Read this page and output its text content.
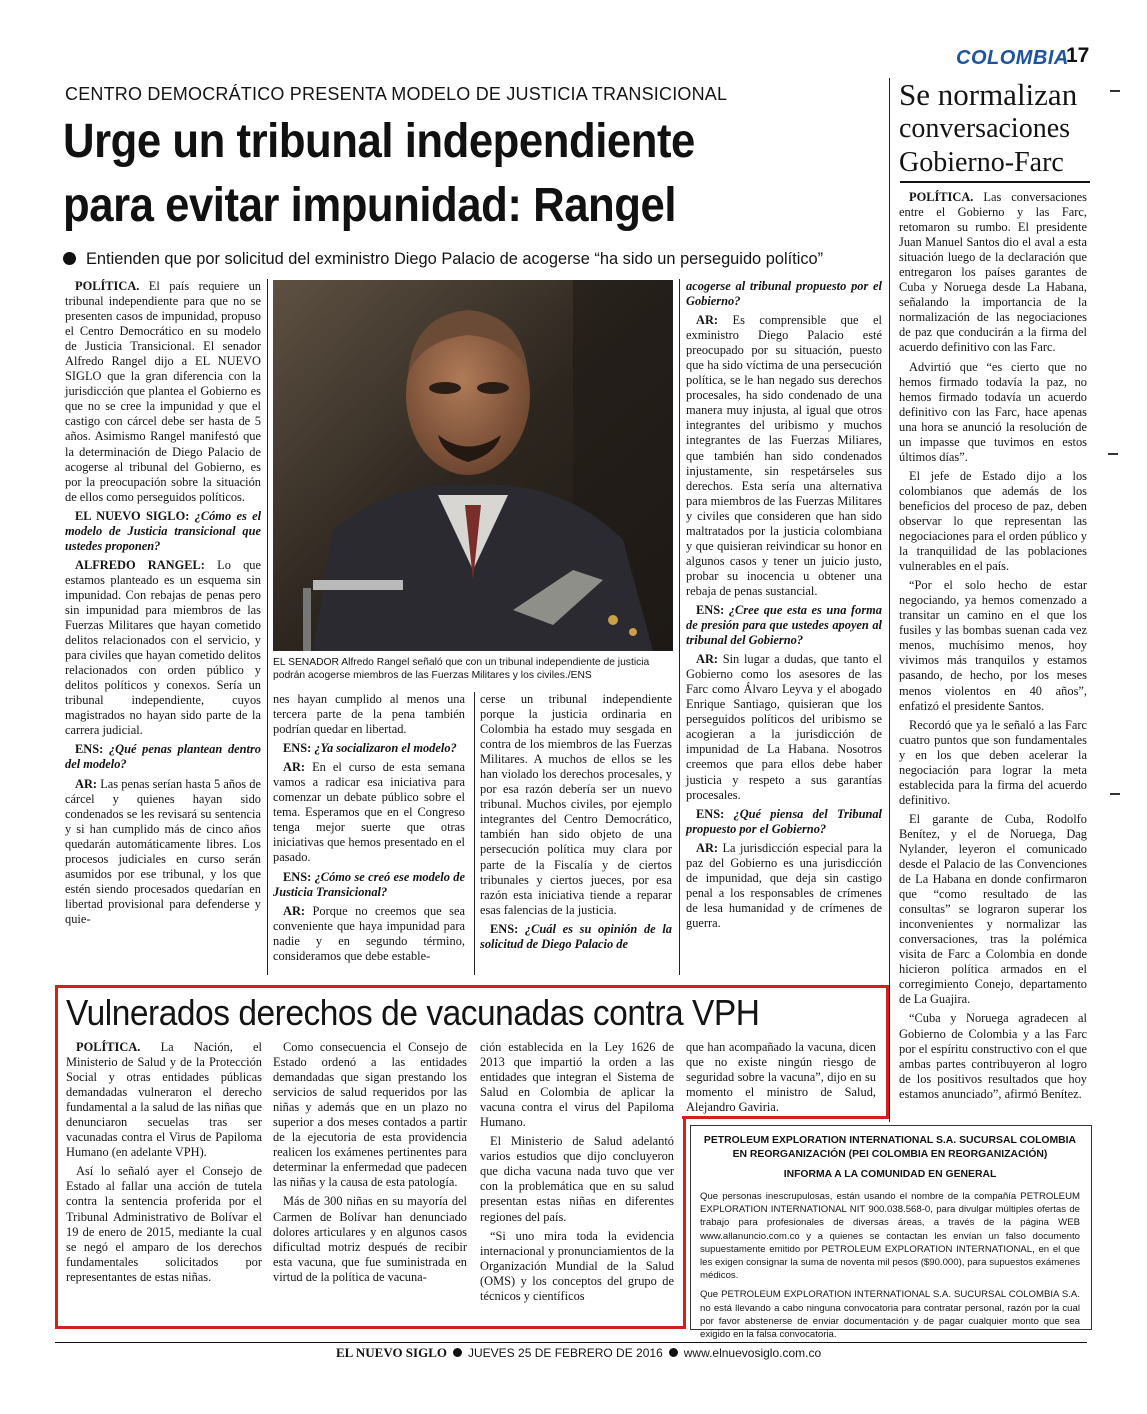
COLOMBIA
17
CENTRO DEMOCRÁTICO PRESENTA MODELO DE JUSTICIA TRANSICIONAL
Urge un tribunal independiente
para evitar impunidad: Rangel
Entienden que por solicitud del exministro Diego Palacio de acogerse “ha sido un perseguido político”

POLÍTICA. El país requiere un tribunal independiente para que no se presenten casos de impunidad, propuso el Centro Democrático en su modelo de Justicia Transicional. El senador Alfredo Rangel dijo a EL NUEVO SIGLO que la gran diferencia con la jurisdicción que plantea el Gobierno es que no se cree la impunidad y que el castigo con cárcel debe ser hasta de 5 años. Asimismo Rangel manifestó que la determinación de Diego Palacio de acogerse al tribunal del Gobierno, es por la preocupación sobre la situación de ellos como perseguidos políticos.

EL NUEVO SIGLO: ¿Cómo es el modelo de Justicia transicional que ustedes proponen?

ALFREDO RANGEL: Lo que estamos planteado es un esquema sin impunidad. Con rebajas de penas pero sin impunidad para miembros de las Fuerzas Militares que hayan cometido delitos relacionados con el servicio, y para civiles que hayan cometido delitos relacionados con orden público y delitos políticos y conexos. Sería un tribunal independiente, cuyos magistrados no hayan sido parte de la carrera judicial.

ENS: ¿Qué penas plantean dentro del modelo?

AR: Las penas serían hasta 5 años de cárcel y quienes hayan sido condenados se les revisará su sentencia y si han cumplido más de cinco años quedarán automáticamente libres. Los procesos judiciales en curso serán asumidos por ese tribunal, y los que estén siendo procesados quedarían en libertad provisional para defenderse y quie-

nes hayan cumplido al menos una tercera parte de la pena también podrían quedar en libertad.

ENS: ¿Ya socializaron el modelo?

AR: En el curso de esta semana vamos a radicar esa iniciativa para comenzar un debate público sobre el tema. Esperamos que en el Congreso tenga mejor suerte que otras iniciativas que hemos presentado en el pasado.

ENS: ¿Cómo se creó ese modelo de Justicia Transicional?

AR: Porque no creemos que sea conveniente que haya impunidad para nadie y en segundo término, consideramos que debe estable-

cerse un tribunal independiente porque la justicia ordinaria en Colombia ha estado muy sesgada en contra de los miembros de las Fuerzas Militares. A muchos de ellos se les han violado los derechos procesales, y por esa razón debería ser un nuevo tribunal. Muchos civiles, por ejemplo integrantes del Centro Democrático, también han sido objeto de una persecución política muy clara por parte de la Fiscalía y de ciertos tribunales y ciertos jueces, por esa razón esta iniciativa tiende a reparar esas falencias de la justicia.

ENS: ¿Cuál es su opinión de la solicitud de Diego Palacio de

acogerse al tribunal propuesto por el Gobierno?

AR: Es comprensible que el exministro Diego Palacio esté preocupado por su situación, puesto que ha sido víctima de una persecución política, se le han negado sus derechos procesales, ha sido condenado de una manera muy injusta, al igual que otros integrantes del uribismo y muchos integrantes de las Fuerzas Miliares, que también han sido condenados injustamente, sin respetárseles sus derechos. Esta sería una alternativa para miembros de las Fuerzas Militares y civiles que consideren que han sido maltratados por la justicia colombiana y que quisieran reivindicar su honor en algunos casos y tener un juicio justo, probar su inocencia u obtener una rebaja de penas sustancial.

ENS: ¿Cree que esta es una forma de presión para que ustedes apoyen al tribunal del Gobierno?

AR: Sin lugar a dudas, que tanto el Gobierno como los asesores de las Farc como Álvaro Leyva y el abogado Enrique Santiago, quisieran que los perseguidos políticos del uribismo se acogieran a la jurisdicción de impunidad de La Habana. Nosotros creemos que para ellos debe haber justicia y respeto a sus garantías procesales.

ENS: ¿Qué piensa del Tribunal propuesto por el Gobierno?

AR: La jurisdicción especial para la paz del Gobierno es una jurisdicción de impunidad, que deja sin castigo penal a los responsables de crímenes de lesa humanidad y de crímenes de guerra.

EL SENADOR Alfredo Rangel señaló que con un tribunal independiente de justicia podrán acogerse miembros de las Fuerzas Militares y los civiles./ENS
Se normalizan
conversaciones
Gobierno-Farc

POLÍTICA. Las conversaciones entre el Gobierno y las Farc, retomaron su rumbo. El presidente Juan Manuel Santos dio el aval a esta situación luego de la declaración que entregaron los países garantes de Cuba y Noruega desde La Habana, señalando la importancia de la normalización de las negociaciones de paz que conducirán a la firma del acuerdo definitivo con las Farc.

Advirtió que “es cierto que no hemos firmado todavía la paz, no hemos firmado todavía un acuerdo definitivo con las Farc, hace apenas una hora se anunció la resolución de un impasse que tuvimos en estos últimos días”.

El jefe de Estado dijo a los colombianos que además de los beneficios del proceso de paz, deben observar lo que representan las negociaciones para el orden público y la tranquilidad de las poblaciones vulnerables en el país.

“Por el solo hecho de estar negociando, ya hemos comenzado a transitar un camino en el que los fusiles y las bombas suenan cada vez menos, muchísimo menos, hoy vivimos más tranquilos y estamos pasando, de hecho, por los meses menos violentos en 40 años”, enfatizó el presidente Santos.

Recordó que ya le señaló a las Farc cuatro puntos que son fundamentales y en los que deben acelerar la negociación para lograr la meta establecida para la firma del acuerdo definitivo.

El garante de Cuba, Rodolfo Benítez, y el de Noruega, Dag Nylander, leyeron el comunicado desde el Palacio de las Convenciones de La Habana en donde confirmaron que “como resultado de las consultas” se lograron superar los inconvenientes y normalizar las conversaciones, tras la polémica visita de Farc a Colombia en donde hicieron política armados en el corregimiento Conejo, departamento de La Guajira.

“Cuba y Noruega agradecen al Gobierno de Colombia y a las Farc por el espíritu constructivo con el que ambas partes contribuyeron al logro de los positivos resultados que hoy estamos anunciado”, afirmó Benítez.

Vulnerados derechos de vacunadas contra VPH

POLÍTICA. La Nación, el Ministerio de Salud y de la Protección Social y otras entidades públicas demandadas vulneraron el derecho fundamental a la salud de las niñas que denunciaron secuelas tras ser vacunadas contra el Virus de Papiloma Humano (en adelante VPH).

Así lo señaló ayer el Consejo de Estado al fallar una acción de tutela contra la sentencia proferida por el Tribunal Administrativo de Bolívar el 19 de enero de 2015, mediante la cual se negó el amparo de los derechos fundamentales solicitados por representantes de estas niñas.

Como consecuencia el Consejo de Estado ordenó a las entidades demandadas que sigan prestando los servicios de salud requeridos por las niñas y además que en un plazo no superior a dos meses contados a partir de la ejecutoria de esta providencia realicen los exámenes pertinentes para determinar la enfermedad que padecen las niñas y la causa de esta patología.

Más de 300 niñas en su mayoría del Carmen de Bolívar han denunciado dolores articulares y en algunos casos dificultad motriz después de recibir esta vacuna, que fue suministrada en virtud de la política de vacuna-

ción establecida en la Ley 1626 de 2013 que impartió la orden a las entidades que integran el Sistema de Salud en Colombia de aplicar la vacuna contra el virus del Papiloma Humano.

El Ministerio de Salud adelantó varios estudios que dijo concluyeron que dicha vacuna nada tuvo que ver con la problemática que en su salud presentan estas niñas en diferentes regiones del país.

“Si uno mira toda la evidencia internacional y pronunciamientos de la Organización Mundial de la Salud (OMS) y los conceptos del grupo de técnicos y científicos

que han acompañado la vacuna, dicen que no existe ningún riesgo de seguridad sobre la vacuna”, dijo en su momento el ministro de Salud, Alejandro Gaviria.

PETROLEUM EXPLORATION INTERNATIONAL S.A. SUCURSAL COLOMBIA
EN REORGANIZACIÓN (PEI COLOMBIA EN REORGANIZACIÓN)
INFORMA A LA COMUNIDAD EN GENERAL

Que personas inescrupulosas, están usando el nombre de la compañía PETROLEUM EXPLORATION INTERNATIONAL NIT 900.038.568-0, para divulgar múltiples ofertas de trabajo para profesionales de diversas áreas, a través de la página WEB www.allanuncio.com.co y a quienes se contactan les envían un falso documento supuestamente emitido por PETROLEUM EXPLORATION INTERNATIONAL, en el que les exigen consignar la suma de noventa mil pesos ($90.000), para supuestos exámenes médicos.

Que PETROLEUM EXPLORATION INTERNATIONAL S.A. SUCURSAL COLOMBIA S.A. no está llevando a cabo ninguna convocatoria para contratar personal, razón por la cual por favor abstenerse de enviar documentación y de pagar cualquier monto que sea exigido en la falsa convocatoria.

EL NUEVO SIGLO JUEVES 25 DE FEBRERO DE 2016 www.elnuevosiglo.com.co
